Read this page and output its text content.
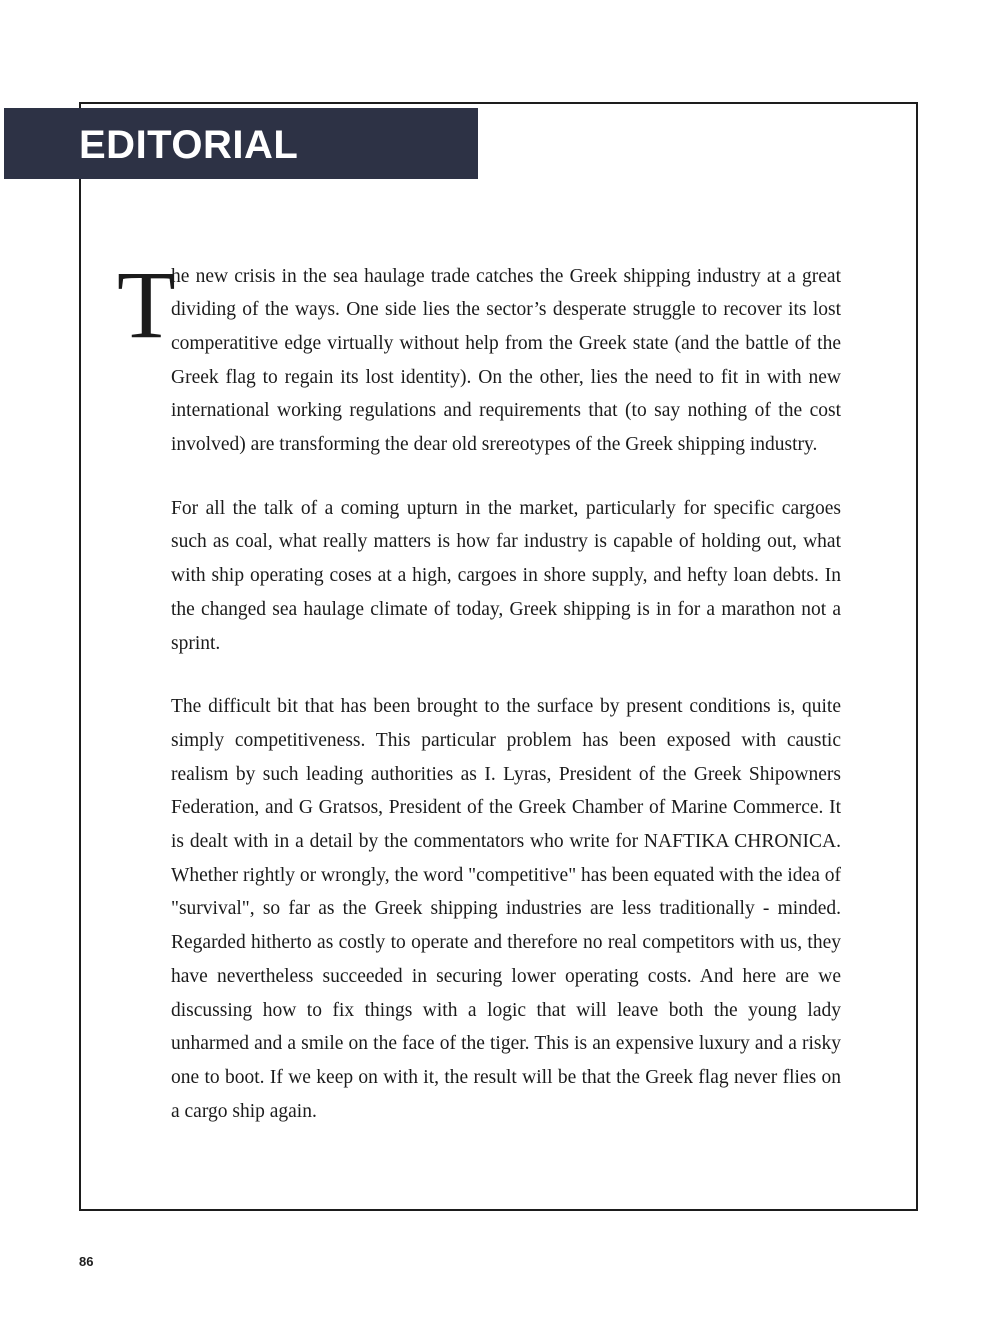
EDITORIAL

T
he new crisis in the sea haulage trade catches the Greek shipping industry at a great dividing of the ways. One side lies the sector’s desperate struggle to recover its lost comperatitive edge virtually without help from the Greek state (and the battle of the Greek flag to regain its lost identity). On the other, lies the need to fit in with new international working regulations and requirements that (to say nothing of the cost involved) are transforming the dear old srereotypes of the Greek shipping industry.

For all the talk of a coming upturn in the market, particularly for specific cargoes such as coal, what really matters is how far industry is capable of holding out, what with ship operating coses at a high, cargoes in shore supply, and hefty loan debts. In the changed sea haulage climate of today, Greek shipping is in for a marathon not a sprint.

The difficult bit that has been brought to the surface by present conditions is, quite simply competitiveness. This particular problem has been exposed with caustic realism by such leading authorities as I. Lyras, President of the Greek Shipowners Federation, and G Gratsos, President of the Greek Chamber of Marine Commerce. It is dealt with in a detail by the commentators who write for NAFTIKA CHRONICA. Whether rightly or wrongly, the word "competitive" has been equated with the idea of "survival", so far as the Greek shipping industries are less traditionally - minded. Regarded hitherto as costly to operate and therefore no real competitors with us, they have nevertheless succeeded in securing lower operating costs. And here are we discussing how to fix things with a logic that will leave both the young lady unharmed and a smile on the face of the tiger. This is an expensive luxury and a risky one to boot. If we keep on with it, the result will be that the Greek flag never flies on a cargo ship again.

86
